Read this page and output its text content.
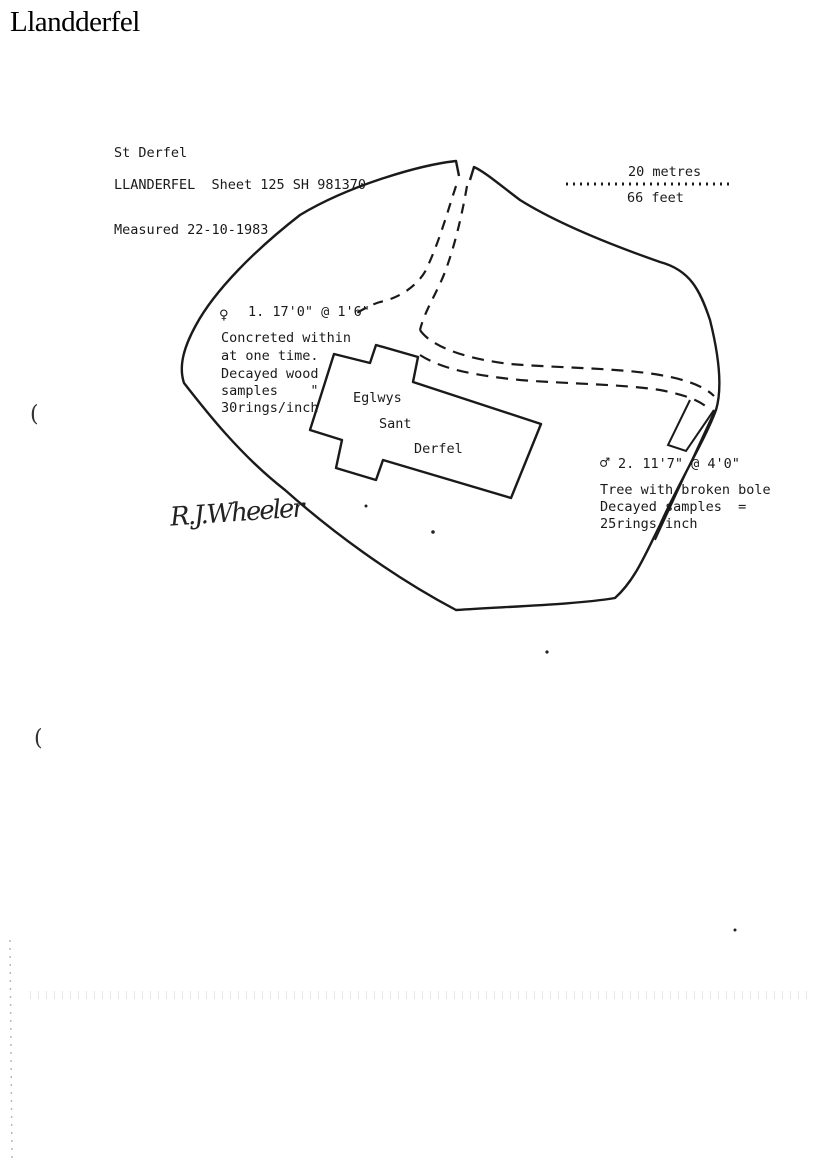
Llandderfel
St Derfel
LLANDERFEL  Sheet 125 SH 981370
Measured 22-10-1983
20 metres
66 feet
♀ 1. 17'0" @ 1'6"
Concreted within
at one time.
Decayed wood
samples    "
30rings/inch
Eglwys
Sant
Derfel
♂ 2. 11'7" @ 4'0"
Tree with broken bole
Decayed samples  =
25rings/inch
R.J.Wheeler
(
(
